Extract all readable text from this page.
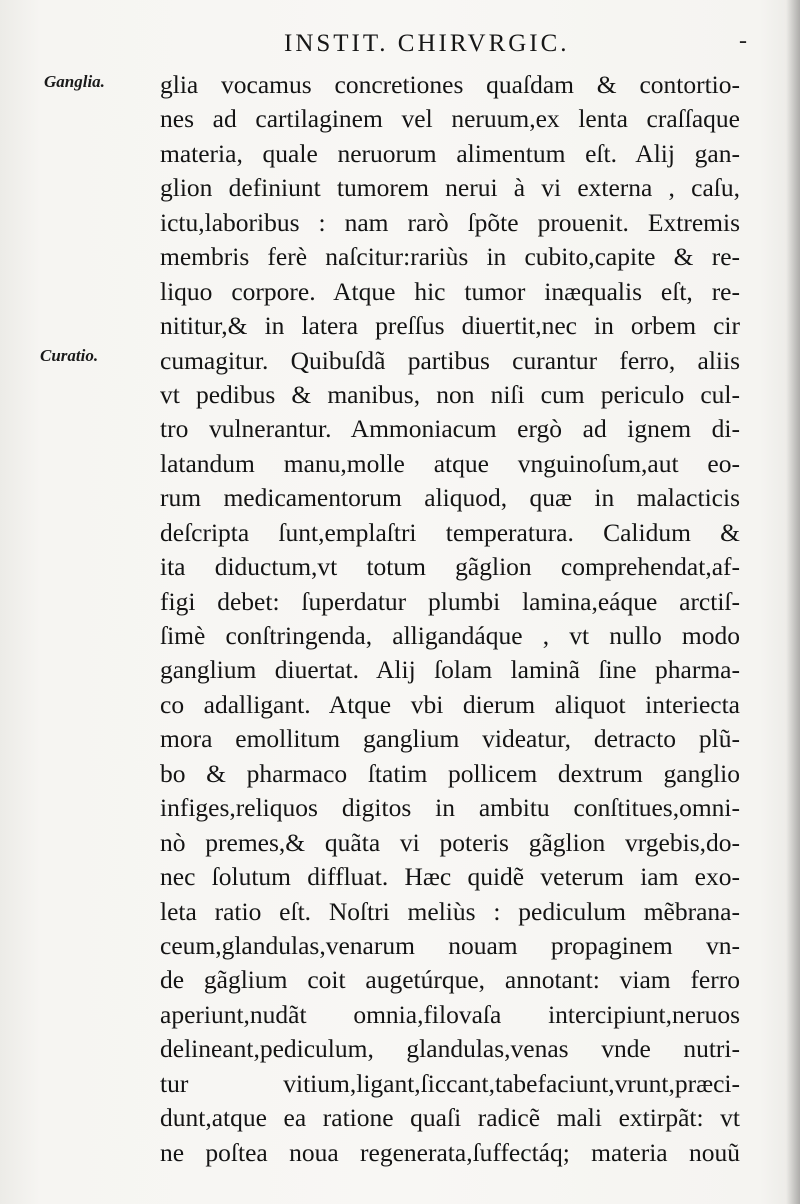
INSTIT. CHIRVRGIC.	-
Ganglia.
Curatio.
glia vocamus concretiones quaſdam & contortio-
nes ad cartilaginem vel neruum,ex lenta craſſaque
materia, quale neruorum alimentum eſt. Alij gan-
glion definiunt tumorem nerui à vi externa , caſu,
ictu,laboribus : nam rarò ſpõte prouenit. Extremis
membris ferè naſcitur:rariùs in cubito,capite & re-
liquo corpore. Atque hic tumor inæqualis eſt, re-
nititur,& in latera preſſus diuertit,nec in orbem cir
cumagitur. Quibuſdã partibus curantur ferro, aliis
vt pedibus & manibus, non niſi cum periculo cul-
tro vulnerantur. Ammoniacum ergò ad ignem di-
latandum manu,molle atque vnguinoſum,aut eo-
rum medicamentorum aliquod, quæ in malacticis
deſcripta ſunt,emplaſtri temperatura. Calidum &
ita diductum,vt totum gãglion comprehendat,af-
figi debet: ſuperdatur plumbi lamina,eáque arctiſ-
ſimè conſtringenda, alligandáque , vt nullo modo
ganglium diuertat. Alij ſolam laminã ſine pharma-
co adalligant. Atque vbi dierum aliquot interiecta
mora emollitum ganglium videatur, detracto plũ-
bo & pharmaco ſtatim pollicem dextrum ganglio
infiges,reliquos digitos in ambitu conſtitues,omni-
nò premes,& quãta vi poteris gãglion vrgebis,do-
nec ſolutum diffluat. Hæc quidẽ veterum iam exo-
leta ratio eſt. Noſtri meliùs : pediculum mẽbrana-
ceum,glandulas,venarum nouam propaginem vn-
de gãglium coit augetúrque, annotant: viam ferro
aperiunt,nudãt omnia,filovaſa intercipiunt,neruos
delineant,pediculum, glandulas,venas vnde nutri-
tur vitium,ligant,ſiccant,tabefaciunt,vrunt,præci-
dunt,atque ea ratione quaſi radicẽ mali extirpãt: vt
ne poſtea noua regenerata,ſuffectáq; materia nouũ
